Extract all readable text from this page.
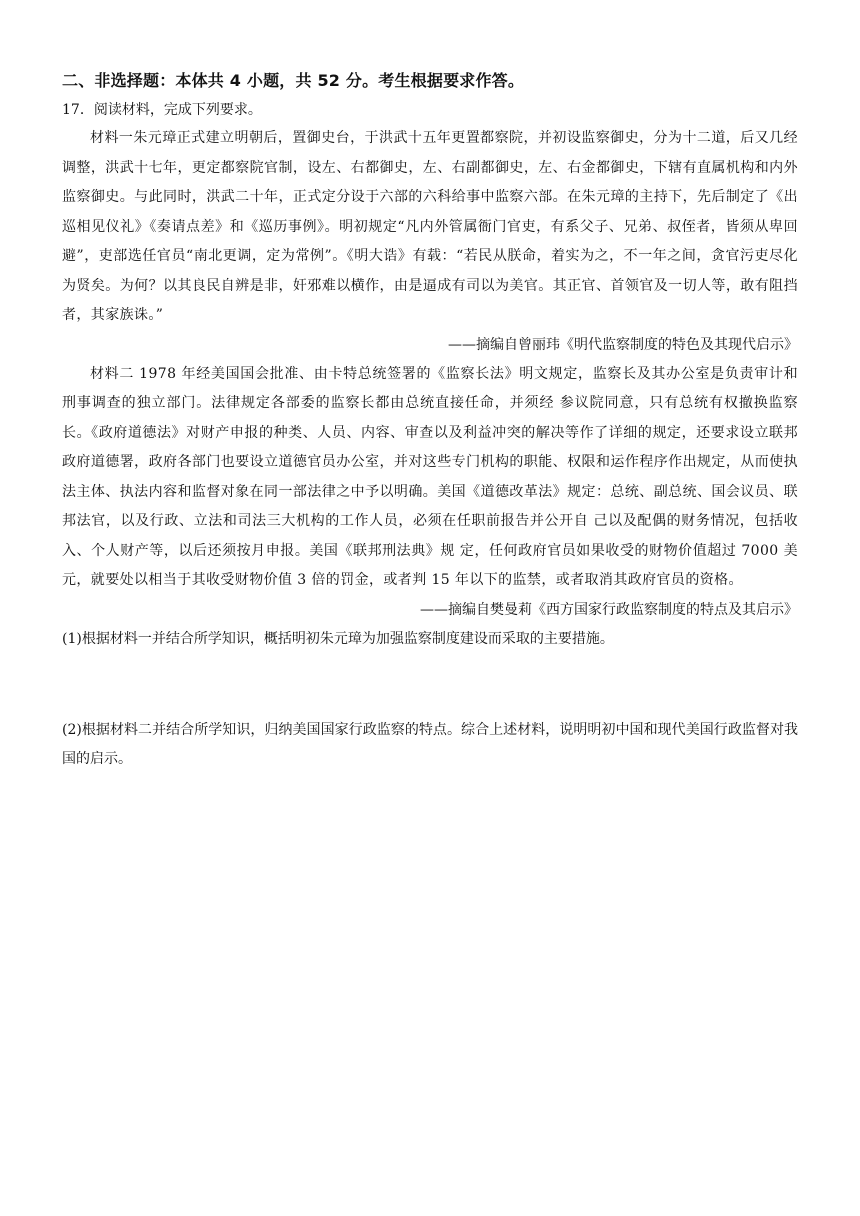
二、非选择题：本体共 4 小题，共 52 分。考生根据要求作答。

17．阅读材料，完成下列要求。

材料一朱元璋正式建立明朝后，置御史台，于洪武十五年更置都察院，并初设监察御史，分为十二道，后又几经调整，洪武十七年，更定都察院官制，设左、右都御史，左、右副都御史，左、右金都御史，下辖有直属机构和内外监察御史。与此同时，洪武二十年，正式定分设于六部的六科给事中监察六部。在朱元璋的主持下，先后制定了《出巡相见仪礼》《奏请点差》和《巡历事例》。明初规定“凡内外管属衙门官吏，有系父子、兄弟、叔侄者，皆须从卑回避”，吏部选任官员“南北更调，定为常例”。《明大诰》有载：“若民从朕命，着实为之，不一年之间，贪官污吏尽化为贤矣。为何？以其良民自辨是非，奸邪难以横作，由是逼成有司以为美官。其正官、首领官及一切人等，敢有阻挡者，其家族诛。”

——摘编自曾丽玮《明代监察制度的特色及其现代启示》

材料二 1978 年经美国国会批准、由卡特总统签署的《监察长法》明文规定，监察长及其办公室是负责审计和刑事调查的独立部门。法律规定各部委的监察长都由总统直接任命，并须经 参议院同意，只有总统有权撤换监察长。《政府道德法》对财产申报的种类、人员、内容、审查以及利益冲突的解决等作了详细的规定，还要求设立联邦政府道德署，政府各部门也要设立道德官员办公室，并对这些专门机构的职能、权限和运作程序作出规定，从而使执法主体、执法内容和监督对象在同一部法律之中予以明确。美国《道德改革法》规定：总统、副总统、国会议员、联邦法官，以及行政、立法和司法三大机构的工作人员，必须在任职前报告并公开自 己以及配偶的财务情况，包括收入、个人财产等，以后还须按月申报。美国《联邦刑法典》规 定，任何政府官员如果收受的财物价值超过 7000 美元，就要处以相当于其收受财物价值 3 倍的罚金，或者判 15 年以下的监禁，或者取消其政府官员的资格。

——摘编自樊曼莉《西方国家行政监察制度的特点及其启示》

(1)根据材料一并结合所学知识，概括明初朱元璋为加强监察制度建设而采取的主要措施。

(2)根据材料二并结合所学知识，归纳美国国家行政监察的特点。综合上述材料，说明明初中国和现代美国行政监督对我国的启示。
